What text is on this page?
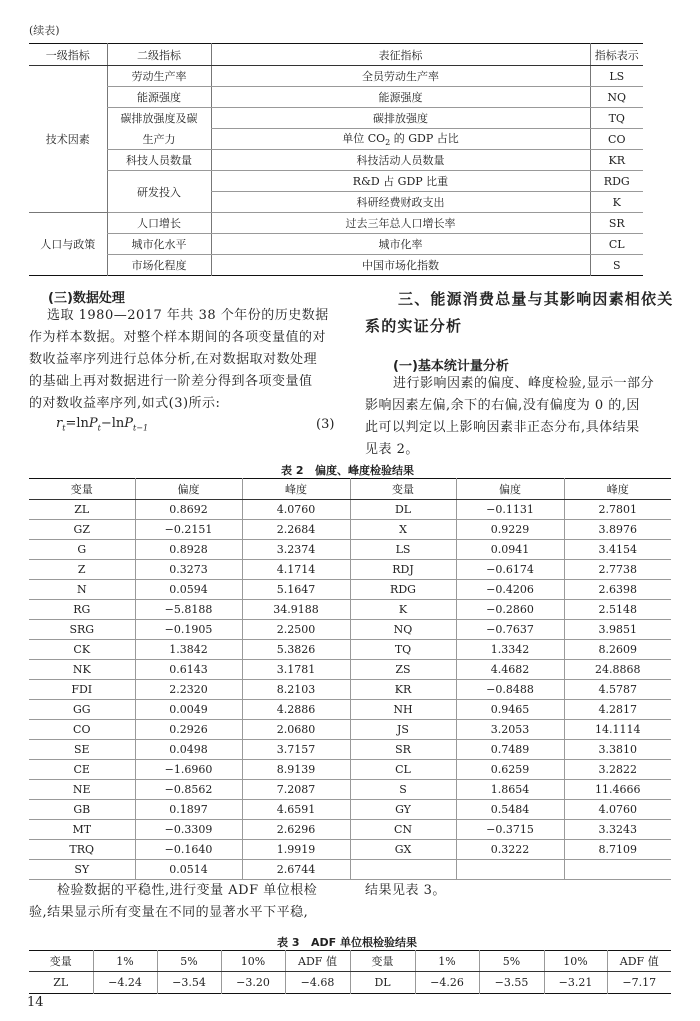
(续表)
一级指标	二级指标	表征指标	指标表示
技术因素	劳动生产率	全员劳动生产率	LS
	能源强度	能源强度	NQ
	碳排放强度及碳	碳排放强度	TQ
	生产力	单位 $CO_2$ 的 GDP 占比	CO
	科技人员数量	科技活动人员数量	KR
	研发投入	R&D 占 GDP 比重	RDG
		科研经费财政支出	K
人口与政策	人口增长	过去三年总人口增长率	SR
	城市化水平	城市化率	CL
	市场化程度	中国市场化指数	S
(三)数据处理
选取 1980—2017 年共 38 个年份的历史数据
作为样本数据。对整个样本期间的各项变量值的对
数收益率序列进行总体分析,在对数据取对数处理
的基础上再对数据进行一阶差分得到各项变量值
的对数收益率序列,如式(3)所示:
$r_t=\ln P_t-\ln P_{t-1}$	(3)
三、能源消费总量与其影响因素相依关
系的实证分析
(一)基本统计量分析
进行影响因素的偏度、峰度检验,显示一部分
影响因素左偏,余下的右偏,没有偏度为 0 的,因
此可以判定以上影响因素非正态分布,具体结果
见表 2。
表 2   偏度、峰度检验结果
变量	偏度	峰度	变量	偏度	峰度
ZL	0.8692	4.0760	DL	−0.1131	2.7801
GZ	−0.2151	2.2684	X	0.9229	3.8976
G	0.8928	3.2374	LS	0.0941	3.4154
Z	0.3273	4.1714	RDJ	−0.6174	2.7738
N	0.0594	5.1647	RDG	−0.4206	2.6398
RG	−5.8188	34.9188	K	−0.2860	2.5148
SRG	−0.1905	2.2500	NQ	−0.7637	3.9851
CK	1.3842	5.3826	TQ	1.3342	8.2609
NK	0.6143	3.1781	ZS	4.4682	24.8868
FDI	2.2320	8.2103	KR	−0.8488	4.5787
GG	0.0049	4.2886	NH	0.9465	4.2817
CO	0.2926	2.0680	JS	3.2053	14.1114
SE	0.0498	3.7157	SR	0.7489	3.3810
CE	−1.6960	8.9139	CL	0.6259	3.2822
NE	−0.8562	7.2087	S	1.8654	11.4666
GB	0.1897	4.6591	GY	0.5484	4.0760
MT	−0.3309	2.6296	CN	−0.3715	3.3243
TRQ	−0.1640	1.9919	GX	0.3222	8.7109
SY	0.0514	2.6744			
检验数据的平稳性,进行变量 ADF 单位根检
验,结果显示所有变量在不同的显著水平下平稳,
结果见表 3。
表 3   ADF 单位根检验结果
变量	1%	5%	10%	ADF 值	变量	1%	5%	10%	ADF 值
ZL	−4.24	−3.54	−3.20	−4.68	DL	−4.26	−3.55	−3.21	−7.17
14
